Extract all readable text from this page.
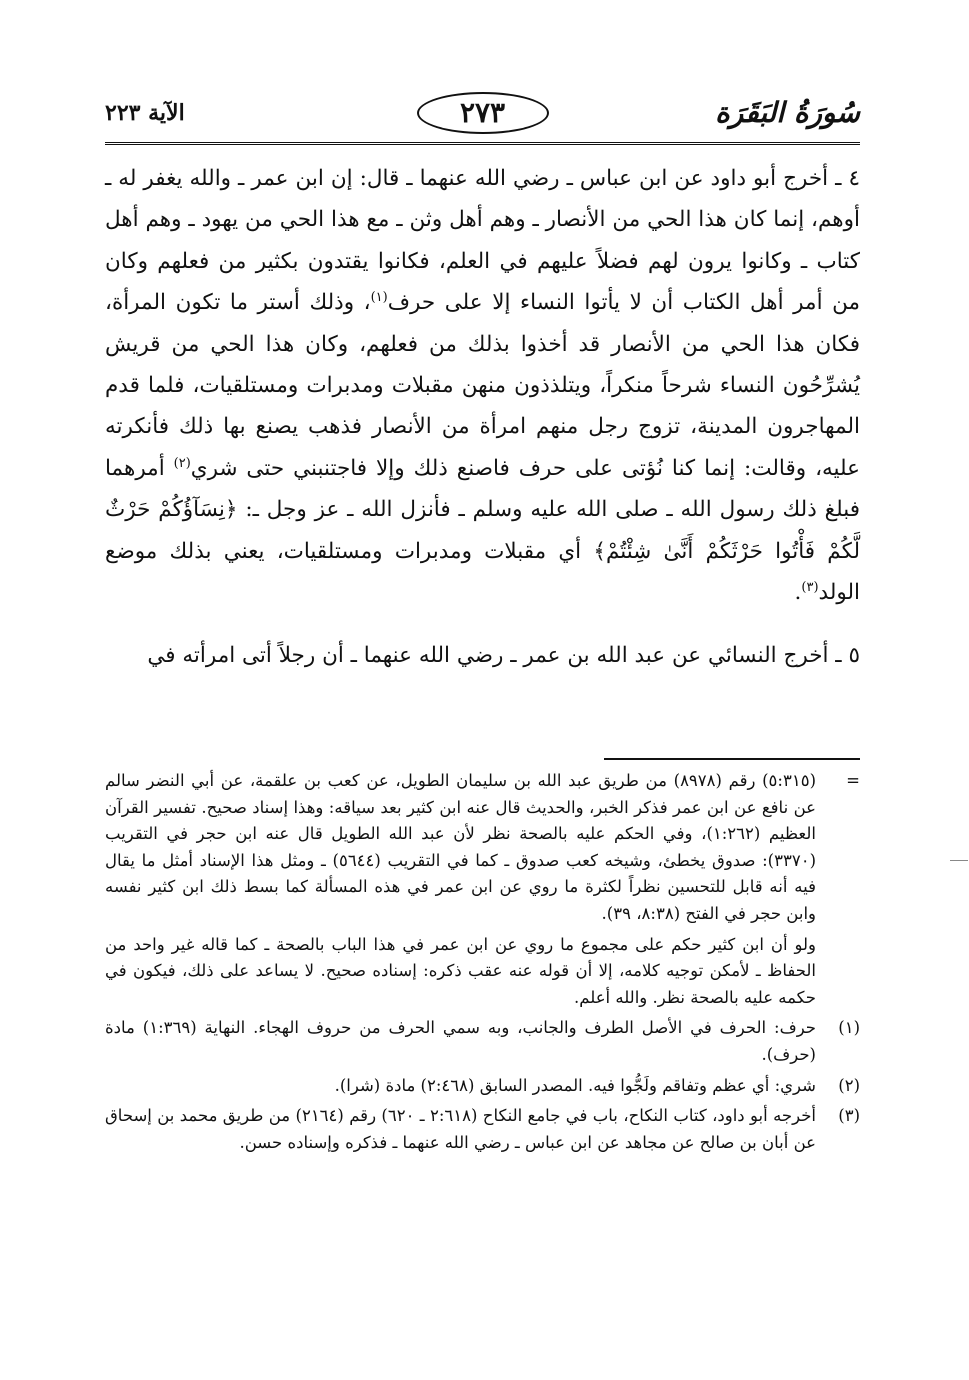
سُورَةُ البَقَرَة
٢٧٣
الآية ٢٢٣

٤ ـ أخرج أبو داود عن ابن عباس ـ رضي الله عنهما ـ قال: إن ابن عمر ـ والله يغفر له ـ أوهم، إنما كان هذا الحي من الأنصار ـ وهم أهل وثن ـ مع هذا الحي من يهود ـ وهم أهل كتاب ـ وكانوا يرون لهم فضلاً عليهم في العلم، فكانوا يقتدون بكثير من فعلهم وكان من أمر أهل الكتاب أن لا يأتوا النساء إلا على حرف$^{(١)}$، وذلك أستر ما تكون المرأة، فكان هذا الحي من الأنصار قد أخذوا بذلك من فعلهم، وكان هذا الحي من قريش يُشرِّحُون النساء شرحاً منكراً، ويتلذذون منهن مقبلات ومدبرات ومستلقيات، فلما قدم المهاجرون المدينة، تزوج رجل منهم امرأة من الأنصار فذهب يصنع بها ذلك فأنكرته عليه، وقالت: إنما كنا نُؤتى على حرف فاصنع ذلك وإلا فاجتنبني حتى شري$^{(٢)}$ أمرهما فبلغ ذلك رسول الله ـ صلى الله عليه وسلم ـ فأنزل الله ـ عز وجل ـ: ﴿نِسَآؤُكُمْ حَرْثٌ لَّكُمْ فَأْتُوا حَرْثَكُمْ أَنَّىٰ شِئْتُمْ﴾ أي مقبلات ومدبرات ومستلقيات، يعني بذلك موضع الولد$^{(٣)}$.

٥ ـ أخرج النسائي عن عبد الله بن عمر ـ رضي الله عنهما ـ أن رجلاً أتى امرأته في

=
(٥:٣١٥) رقم (٨٩٧٨) من طريق عبد الله بن سليمان الطويل، عن كعب بن علقمة، عن أبي النضر سالم عن نافع عن ابن عمر فذكر الخبر، والحديث قال عنه ابن كثير بعد سياقه: وهذا إسناد صحيح. تفسير القرآن العظيم (١:٢٦٢)، وفي الحكم عليه بالصحة نظر لأن عبد الله الطويل قال عنه ابن حجر في التقريب (٣٣٧٠): صدوق يخطئ، وشيخه كعب صدوق ـ كما في التقريب (٥٦٤٤) ـ ومثل هذا الإسناد أمثل ما يقال فيه أنه قابل للتحسين نظراً لكثرة ما روي عن ابن عمر في هذه المسألة كما بسط ذلك ابن كثير نفسه وابن حجر في الفتح (٨:٣٨، ٣٩).
ولو أن ابن كثير حكم على مجموع ما روي عن ابن عمر في هذا الباب بالصحة ـ كما قاله غير واحد من الحفاظ ـ لأمكن توجيه كلامه، إلا أن قوله عنه عقب ذكره: إسناده صحيح. لا يساعد على ذلك، فيكون في حكمه عليه بالصحة نظر. والله أعلم.
(١)
حرف: الحرف في الأصل الطرف والجانب، وبه سمي الحرف من حروف الهجاء. النهاية (١:٣٦٩) مادة (حرف).
(٢)
شري: أي عظم وتفاقم ولَجُّوا فيه. المصدر السابق (٢:٤٦٨) مادة (شرا).
(٣)
أخرجه أبو داود، كتاب النكاح، باب في جامع النكاح (٢:٦١٨ ـ ٦٢٠) رقم (٢١٦٤) من طريق محمد بن إسحاق عن أبان بن صالح عن مجاهد عن ابن عباس ـ رضي الله عنهما ـ فذكره وإسناده حسن.
